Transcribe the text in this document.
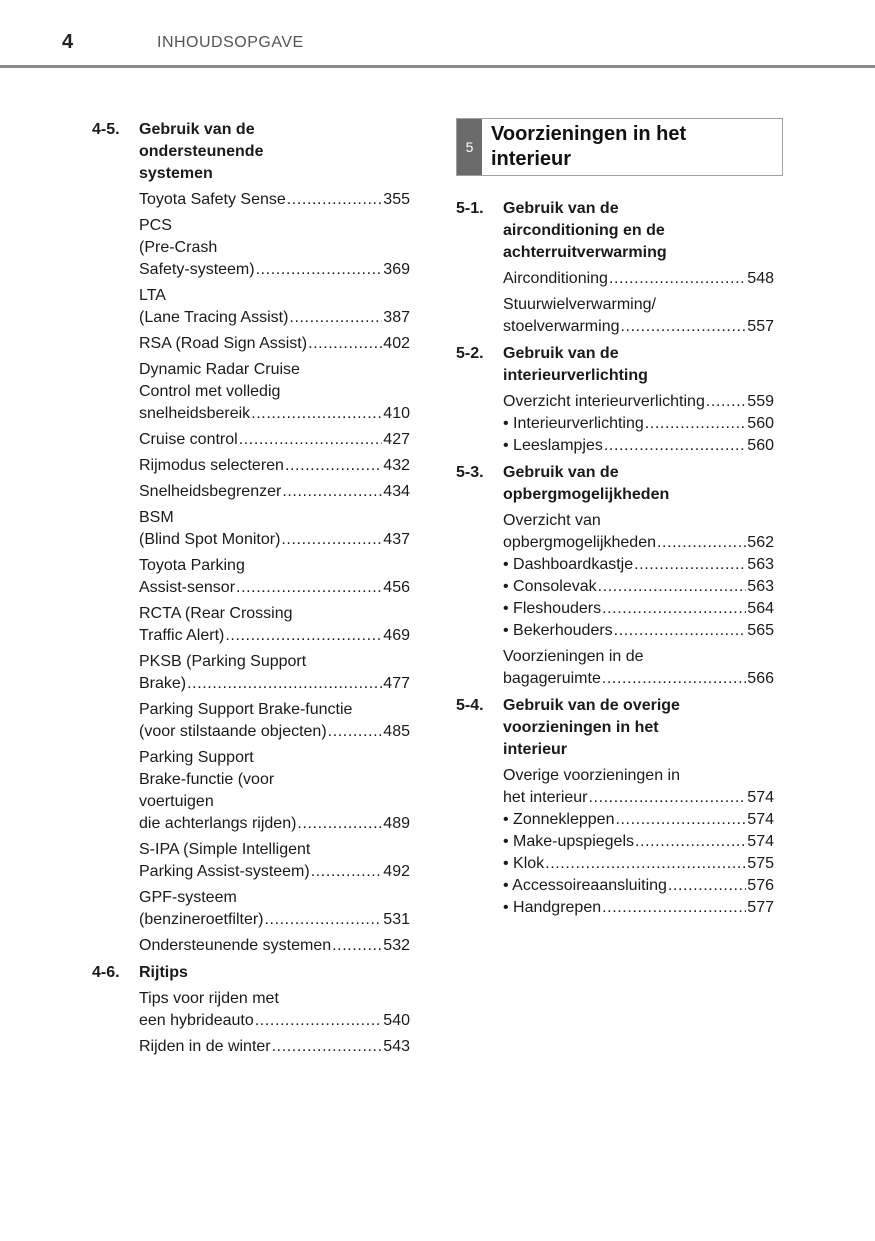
4	INHOUDSOPGAVE
4-5.	Gebruik van de
ondersteunende
systemen
Toyota Safety Sense .....	355
PCS
(Pre-Crash
Safety-systeem) .....	369
LTA
(Lane Tracing Assist) .....	387
RSA (Road Sign Assist) .....	402
Dynamic Radar Cruise
Control met volledig
snelheidsbereik .....	410
Cruise control .....	427
Rijmodus selecteren .....	432
Snelheidsbegrenzer .....	434
BSM
(Blind Spot Monitor) .....	437
Toyota Parking
Assist-sensor .....	456
RCTA (Rear Crossing
Traffic Alert) .....	469
PKSB (Parking Support
Brake) .....	477
Parking Support Brake-functie
(voor stilstaande objecten) .....	485
Parking Support
Brake-functie (voor
voertuigen
die achterlangs rijden) .....	489
S-IPA (Simple Intelligent
Parking Assist-systeem) .....	492
GPF-systeem
(benzineroetfilter) .....	531
Ondersteunende systemen .....	532
4-6.	Rijtips
Tips voor rijden met
een hybrideauto .....	540
Rijden in de winter .....	543
5
Voorzieningen in het
interieur
5-1.	Gebruik van de
airconditioning en de
achterruitverwarming
Airconditioning .....	548
Stuurwielverwarming/
stoelverwarming .....	557
5-2.	Gebruik van de
interieurverlichting
Overzicht interieurverlichting .....	559
• Interieurverlichting .....	560
• Leeslampjes .....	560
5-3.	Gebruik van de
opbergmogelijkheden
Overzicht van
opbergmogelijkheden .....	562
• Dashboardkastje .....	563
• Consolevak .....	563
• Fleshouders .....	564
• Bekerhouders .....	565
Voorzieningen in de
bagageruimte .....	566
5-4.	Gebruik van de overige
voorzieningen in het
interieur
Overige voorzieningen in
het interieur .....	574
• Zonnekleppen .....	574
• Make-upspiegels .....	574
• Klok .....	575
• Accessoireaansluiting .....	576
• Handgrepen .....	577
